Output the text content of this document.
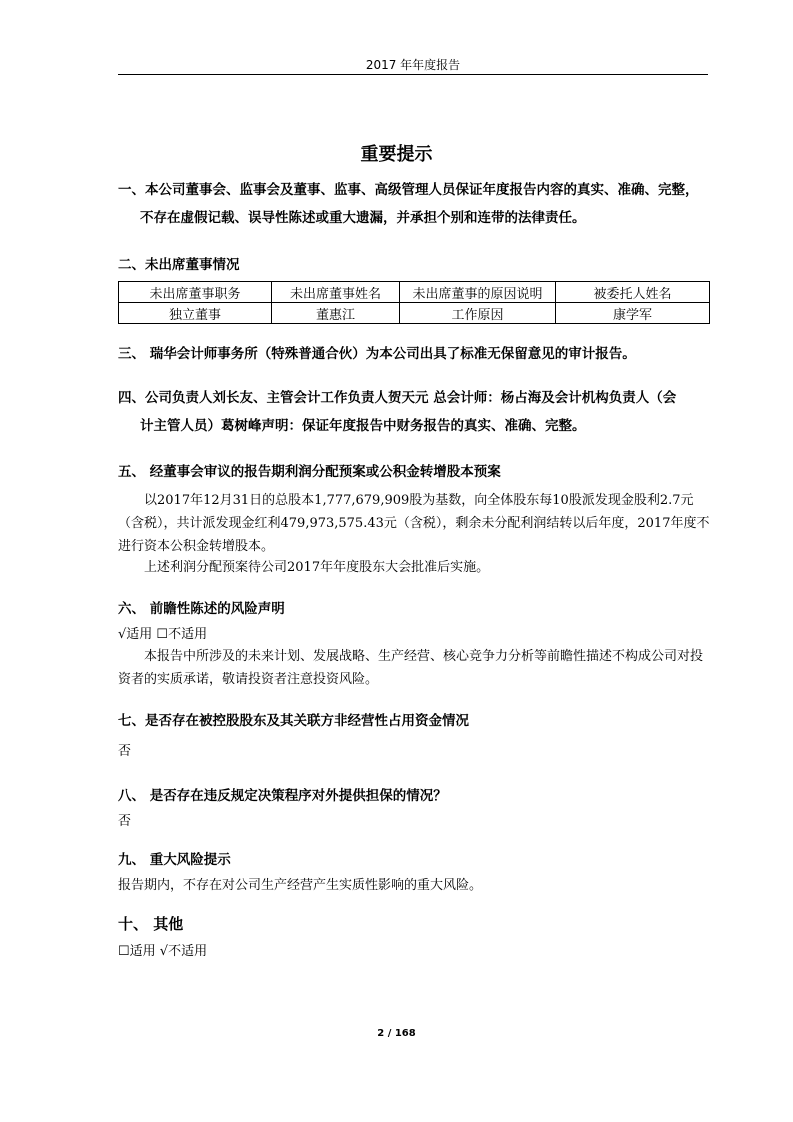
2017 年年度报告
重要提示
一、本公司董事会、监事会及董事、监事、高级管理人员保证年度报告内容的真实、准确、完整，
不存在虚假记载、误导性陈述或重大遗漏，并承担个别和连带的法律责任。
二、未出席董事情况
未出席董事职务	未出席董事姓名	未出席董事的原因说明	被委托人姓名
独立董事	董惠江	工作原因	康学军
三、 瑞华会计师事务所（特殊普通合伙）为本公司出具了标准无保留意见的审计报告。
四、公司负责人刘长友、主管会计工作负责人贺天元 总会计师：杨占海及会计机构负责人（会
计主管人员）葛树峰声明：保证年度报告中财务报告的真实、准确、完整。
五、 经董事会审议的报告期利润分配预案或公积金转增股本预案
以2017年12月31日的总股本1,777,679,909股为基数，向全体股东每10股派发现金股利2.7元（含税），共计派发现金红利479,973,575.43元（含税），剩余未分配利润结转以后年度，2017年度不进行资本公积金转增股本。
上述利润分配预案待公司2017年年度股东大会批准后实施。
六、 前瞻性陈述的风险声明
√适用 ☐不适用
本报告中所涉及的未来计划、发展战略、生产经营、核心竞争力分析等前瞻性描述不构成公司对投资者的实质承诺，敬请投资者注意投资风险。
七、是否存在被控股股东及其关联方非经营性占用资金情况
否
八、 是否存在违反规定决策程序对外提供担保的情况？
否
九、 重大风险提示
报告期内，不存在对公司生产经营产生实质性影响的重大风险。
十、 其他
☐适用 √不适用
2 / 168
